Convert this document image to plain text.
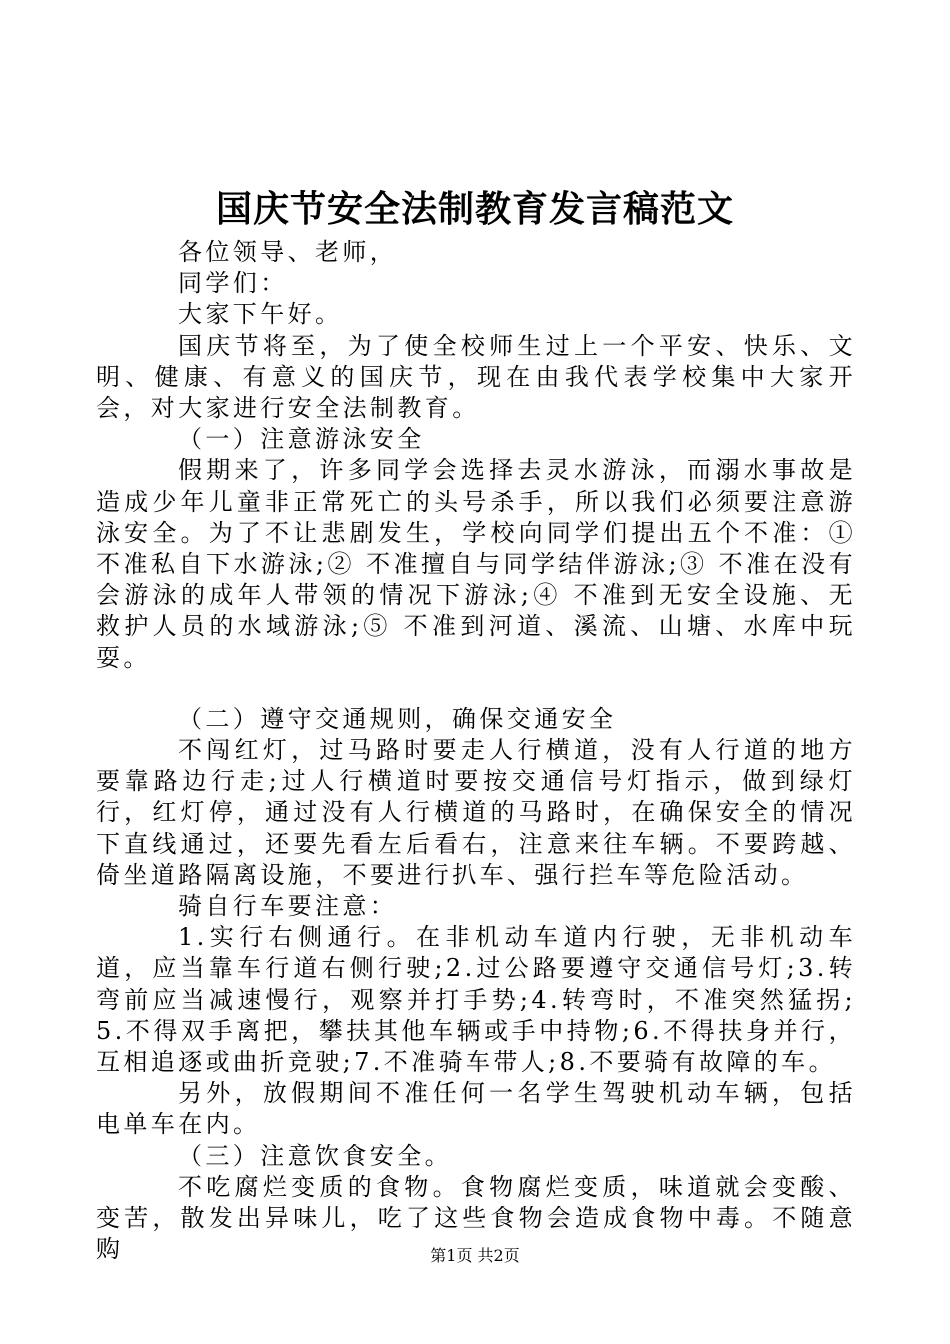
国庆节安全法制教育发言稿范文

各位领导、老师，

同学们：

大家下午好。

国庆节将至，为了使全校师生过上一个平安、快乐、文明、健康、有意义的国庆节，现在由我代表学校集中大家开会，对大家进行安全法制教育。

（一）注意游泳安全

假期来了，许多同学会选择去灵水游泳，而溺水事故是造成少年儿童非正常死亡的头号杀手，所以我们必须要注意游泳安全。为了不让悲剧发生，学校向同学们提出五个不准：①不准私自下水游泳;② 不准擅自与同学结伴游泳;③ 不准在没有会游泳的成年人带领的情况下游泳;④ 不准到无安全设施、无救护人员的水域游泳;⑤ 不准到河道、溪流、山塘、水库中玩耍。

（二）遵守交通规则，确保交通安全

不闯红灯，过马路时要走人行横道，没有人行道的地方要靠路边行走;过人行横道时要按交通信号灯指示，做到绿灯行，红灯停，通过没有人行横道的马路时，在确保安全的情况下直线通过，还要先看左后看右，注意来往车辆。不要跨越、倚坐道路隔离设施，不要进行扒车、强行拦车等危险活动。

骑自行车要注意：

1.实行右侧通行。在非机动车道内行驶，无非机动车道，应当靠车行道右侧行驶;2.过公路要遵守交通信号灯;3.转弯前应当减速慢行，观察并打手势;4.转弯时，不准突然猛拐;5.不得双手离把，攀扶其他车辆或手中持物;6.不得扶身并行，互相追逐或曲折竞驶;7.不准骑车带人;8.不要骑有故障的车。

另外，放假期间不准任何一名学生驾驶机动车辆，包括电单车在内。

（三）注意饮食安全。

不吃腐烂变质的食物。食物腐烂变质，味道就会变酸、变苦，散发出异味儿，吃了这些食物会造成食物中毒。不随意购	第1页 共2页
